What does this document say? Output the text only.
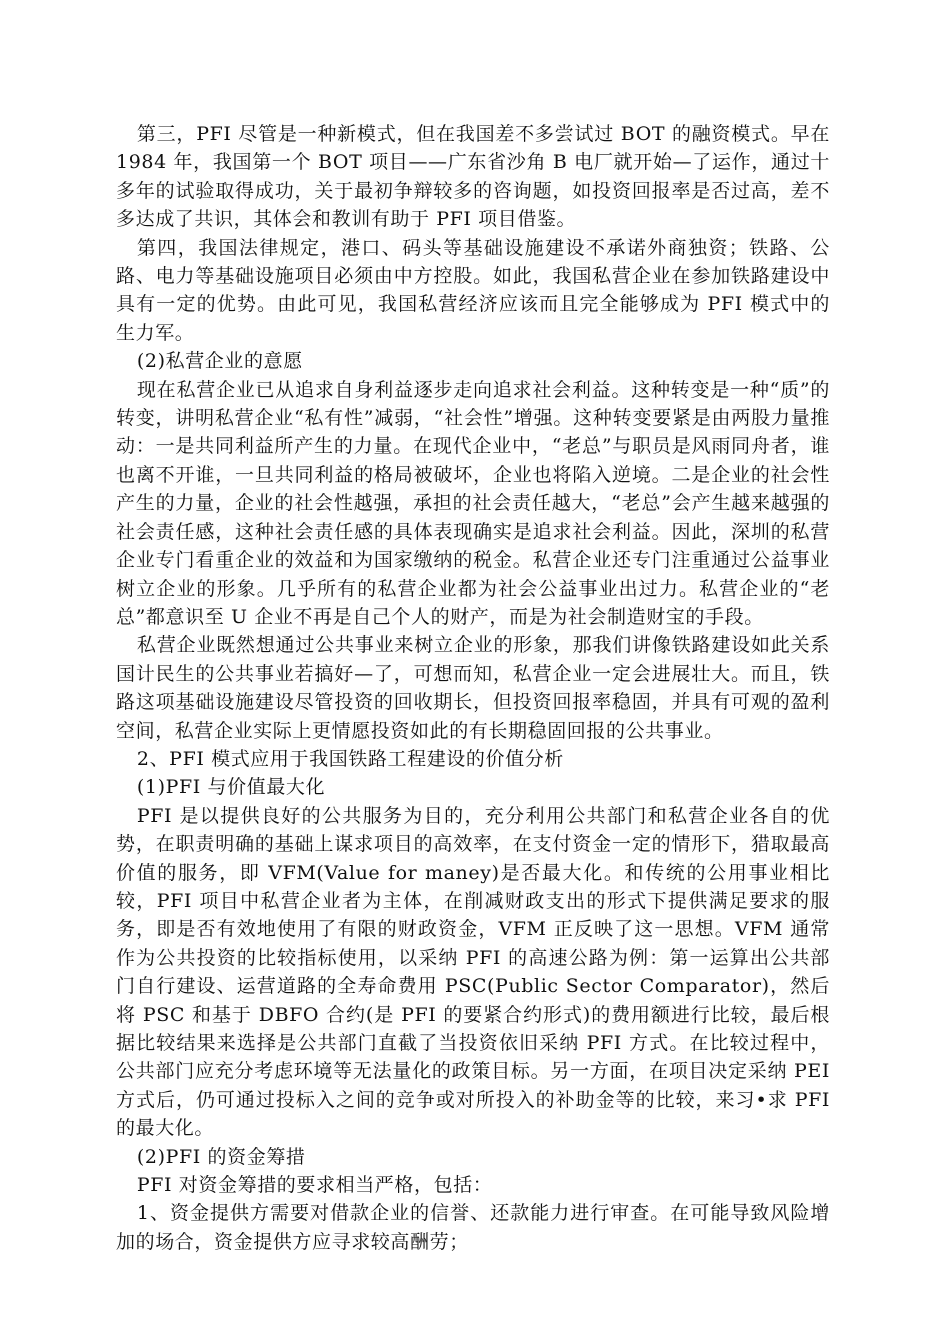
第三，PFI 尽管是一种新模式，但在我国差不多尝试过 BOT 的融资模式。早在 1984 年，我国第一个 BOT 项目——广东省沙角 B 电厂就开始—了运作，通过十多年的试验取得成功，关于最初争辩较多的咨询题，如投资回报率是否过高，差不多达成了共识，其体会和教训有助于 PFI 项目借鉴。

第四，我国法律规定，港口、码头等基础设施建设不承诺外商独资；铁路、公路、电力等基础设施项目必须由中方控股。如此，我国私营企业在参加铁路建设中具有一定的优势。由此可见，我国私营经济应该而且完全能够成为 PFI 模式中的生力军。

(2)私营企业的意愿

现在私营企业已从追求自身利益逐步走向追求社会利益。这种转变是一种“质”的转变，讲明私营企业“私有性”减弱，“社会性”增强。这种转变要紧是由两股力量推动：一是共同利益所产生的力量。在现代企业中，“老总”与职员是风雨同舟者，谁也离不开谁，一旦共同利益的格局被破坏，企业也将陷入逆境。二是企业的社会性产生的力量，企业的社会性越强，承担的社会责任越大，“老总”会产生越来越强的社会责任感，这种社会责任感的具体表现确实是追求社会利益。因此，深圳的私营企业专门看重企业的效益和为国家缴纳的税金。私营企业还专门注重通过公益事业树立企业的形象。几乎所有的私营企业都为社会公益事业出过力。私营企业的“老总”都意识至 U 企业不再是自己个人的财产，而是为社会制造财宝的手段。

私营企业既然想通过公共事业来树立企业的形象，那我们讲像铁路建设如此关系国计民生的公共事业若搞好—了，可想而知，私营企业一定会进展壮大。而且，铁路这项基础设施建设尽管投资的回收期长，但投资回报率稳固，并具有可观的盈利空间，私营企业实际上更情愿投资如此的有长期稳固回报的公共事业。

2、PFI 模式应用于我国铁路工程建设的价值分析

(1)PFI 与价值最大化

PFI 是以提供良好的公共服务为目的，充分利用公共部门和私营企业各自的优势，在职责明确的基础上谋求项目的高效率，在支付资金一定的情形下，猎取最高价值的服务，即 VFM(Value for maney)是否最大化。和传统的公用事业相比较，PFI 项目中私营企业者为主体，在削减财政支出的形式下提供满足要求的服务，即是否有效地使用了有限的财政资金，VFM 正反映了这一思想。VFM 通常作为公共投资的比较指标使用，以采纳 PFI 的高速公路为例：第一运算出公共部门自行建设、运营道路的全寿命费用 PSC(Public Sector Comparator)，然后将 PSC 和基于 DBFO 合约(是 PFI 的要紧合约形式)的费用额进行比较，最后根据比较结果来选择是公共部门直截了当投资依旧采纳 PFI 方式。在比较过程中，公共部门应充分考虑环境等无法量化的政策目标。另一方面，在项目决定采纳 PEI 方式后，仍可通过投标入之间的竞争或对所投入的补助金等的比较，来习•求 PFI 的最大化。

(2)PFI 的资金筹措

PFI 对资金筹措的要求相当严格，包括：

1、资金提供方需要对借款企业的信誉、还款能力进行审查。在可能导致风险增加的场合，资金提供方应寻求较高酬劳；
